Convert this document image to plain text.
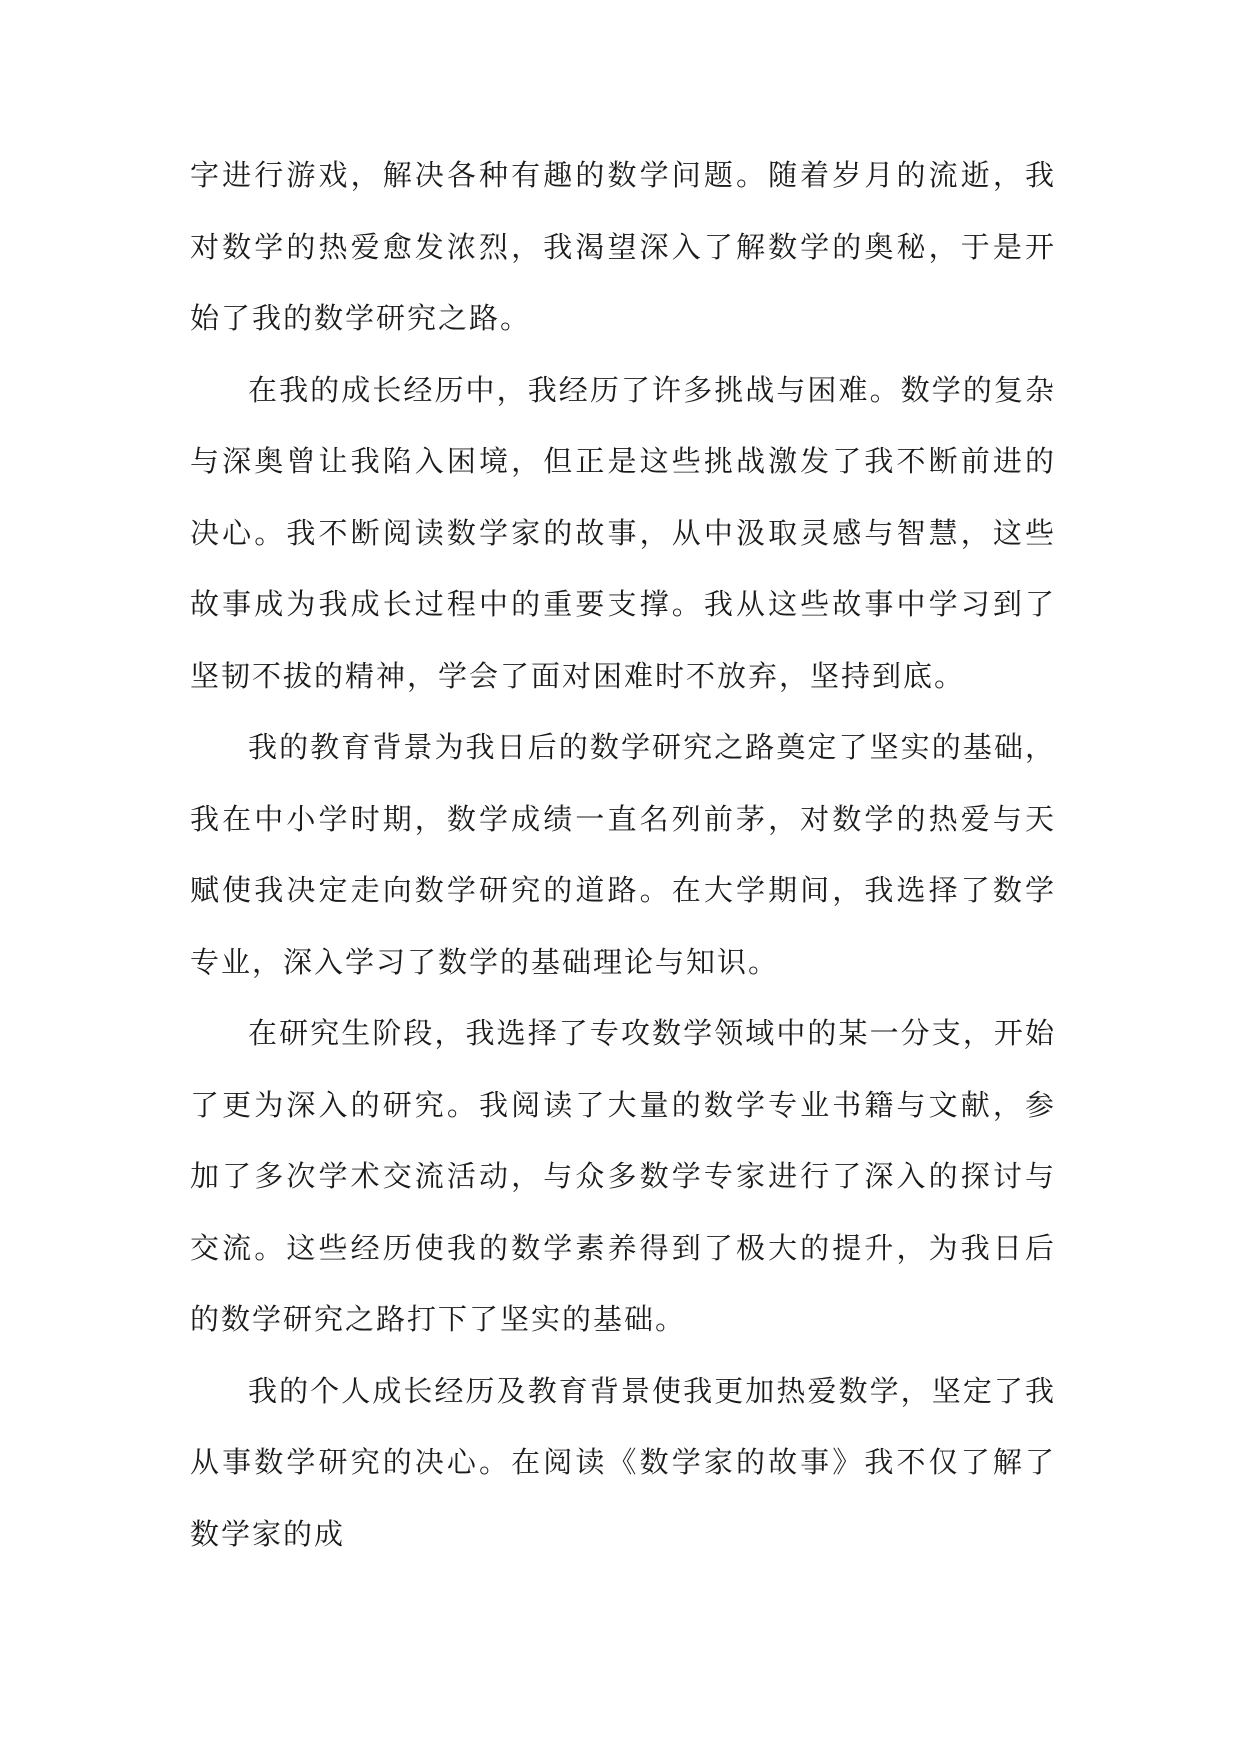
字进行游戏，解决各种有趣的数学问题。随着岁月的流逝，我对数学的热爱愈发浓烈，我渴望深入了解数学的奥秘，于是开始了我的数学研究之路。

在我的成长经历中，我经历了许多挑战与困难。数学的复杂与深奥曾让我陷入困境，但正是这些挑战激发了我不断前进的决心。我不断阅读数学家的故事，从中汲取灵感与智慧，这些故事成为我成长过程中的重要支撑。我从这些故事中学习到了坚韧不拔的精神，学会了面对困难时不放弃，坚持到底。

我的教育背景为我日后的数学研究之路奠定了坚实的基础，我在中小学时期，数学成绩一直名列前茅，对数学的热爱与天赋使我决定走向数学研究的道路。在大学期间，我选择了数学专业，深入学习了数学的基础理论与知识。

在研究生阶段，我选择了专攻数学领域中的某一分支，开始了更为深入的研究。我阅读了大量的数学专业书籍与文献，参加了多次学术交流活动，与众多数学专家进行了深入的探讨与交流。这些经历使我的数学素养得到了极大的提升，为我日后的数学研究之路打下了坚实的基础。

我的个人成长经历及教育背景使我更加热爱数学，坚定了我从事数学研究的决心。在阅读《数学家的故事》我不仅了解了数学家的成
